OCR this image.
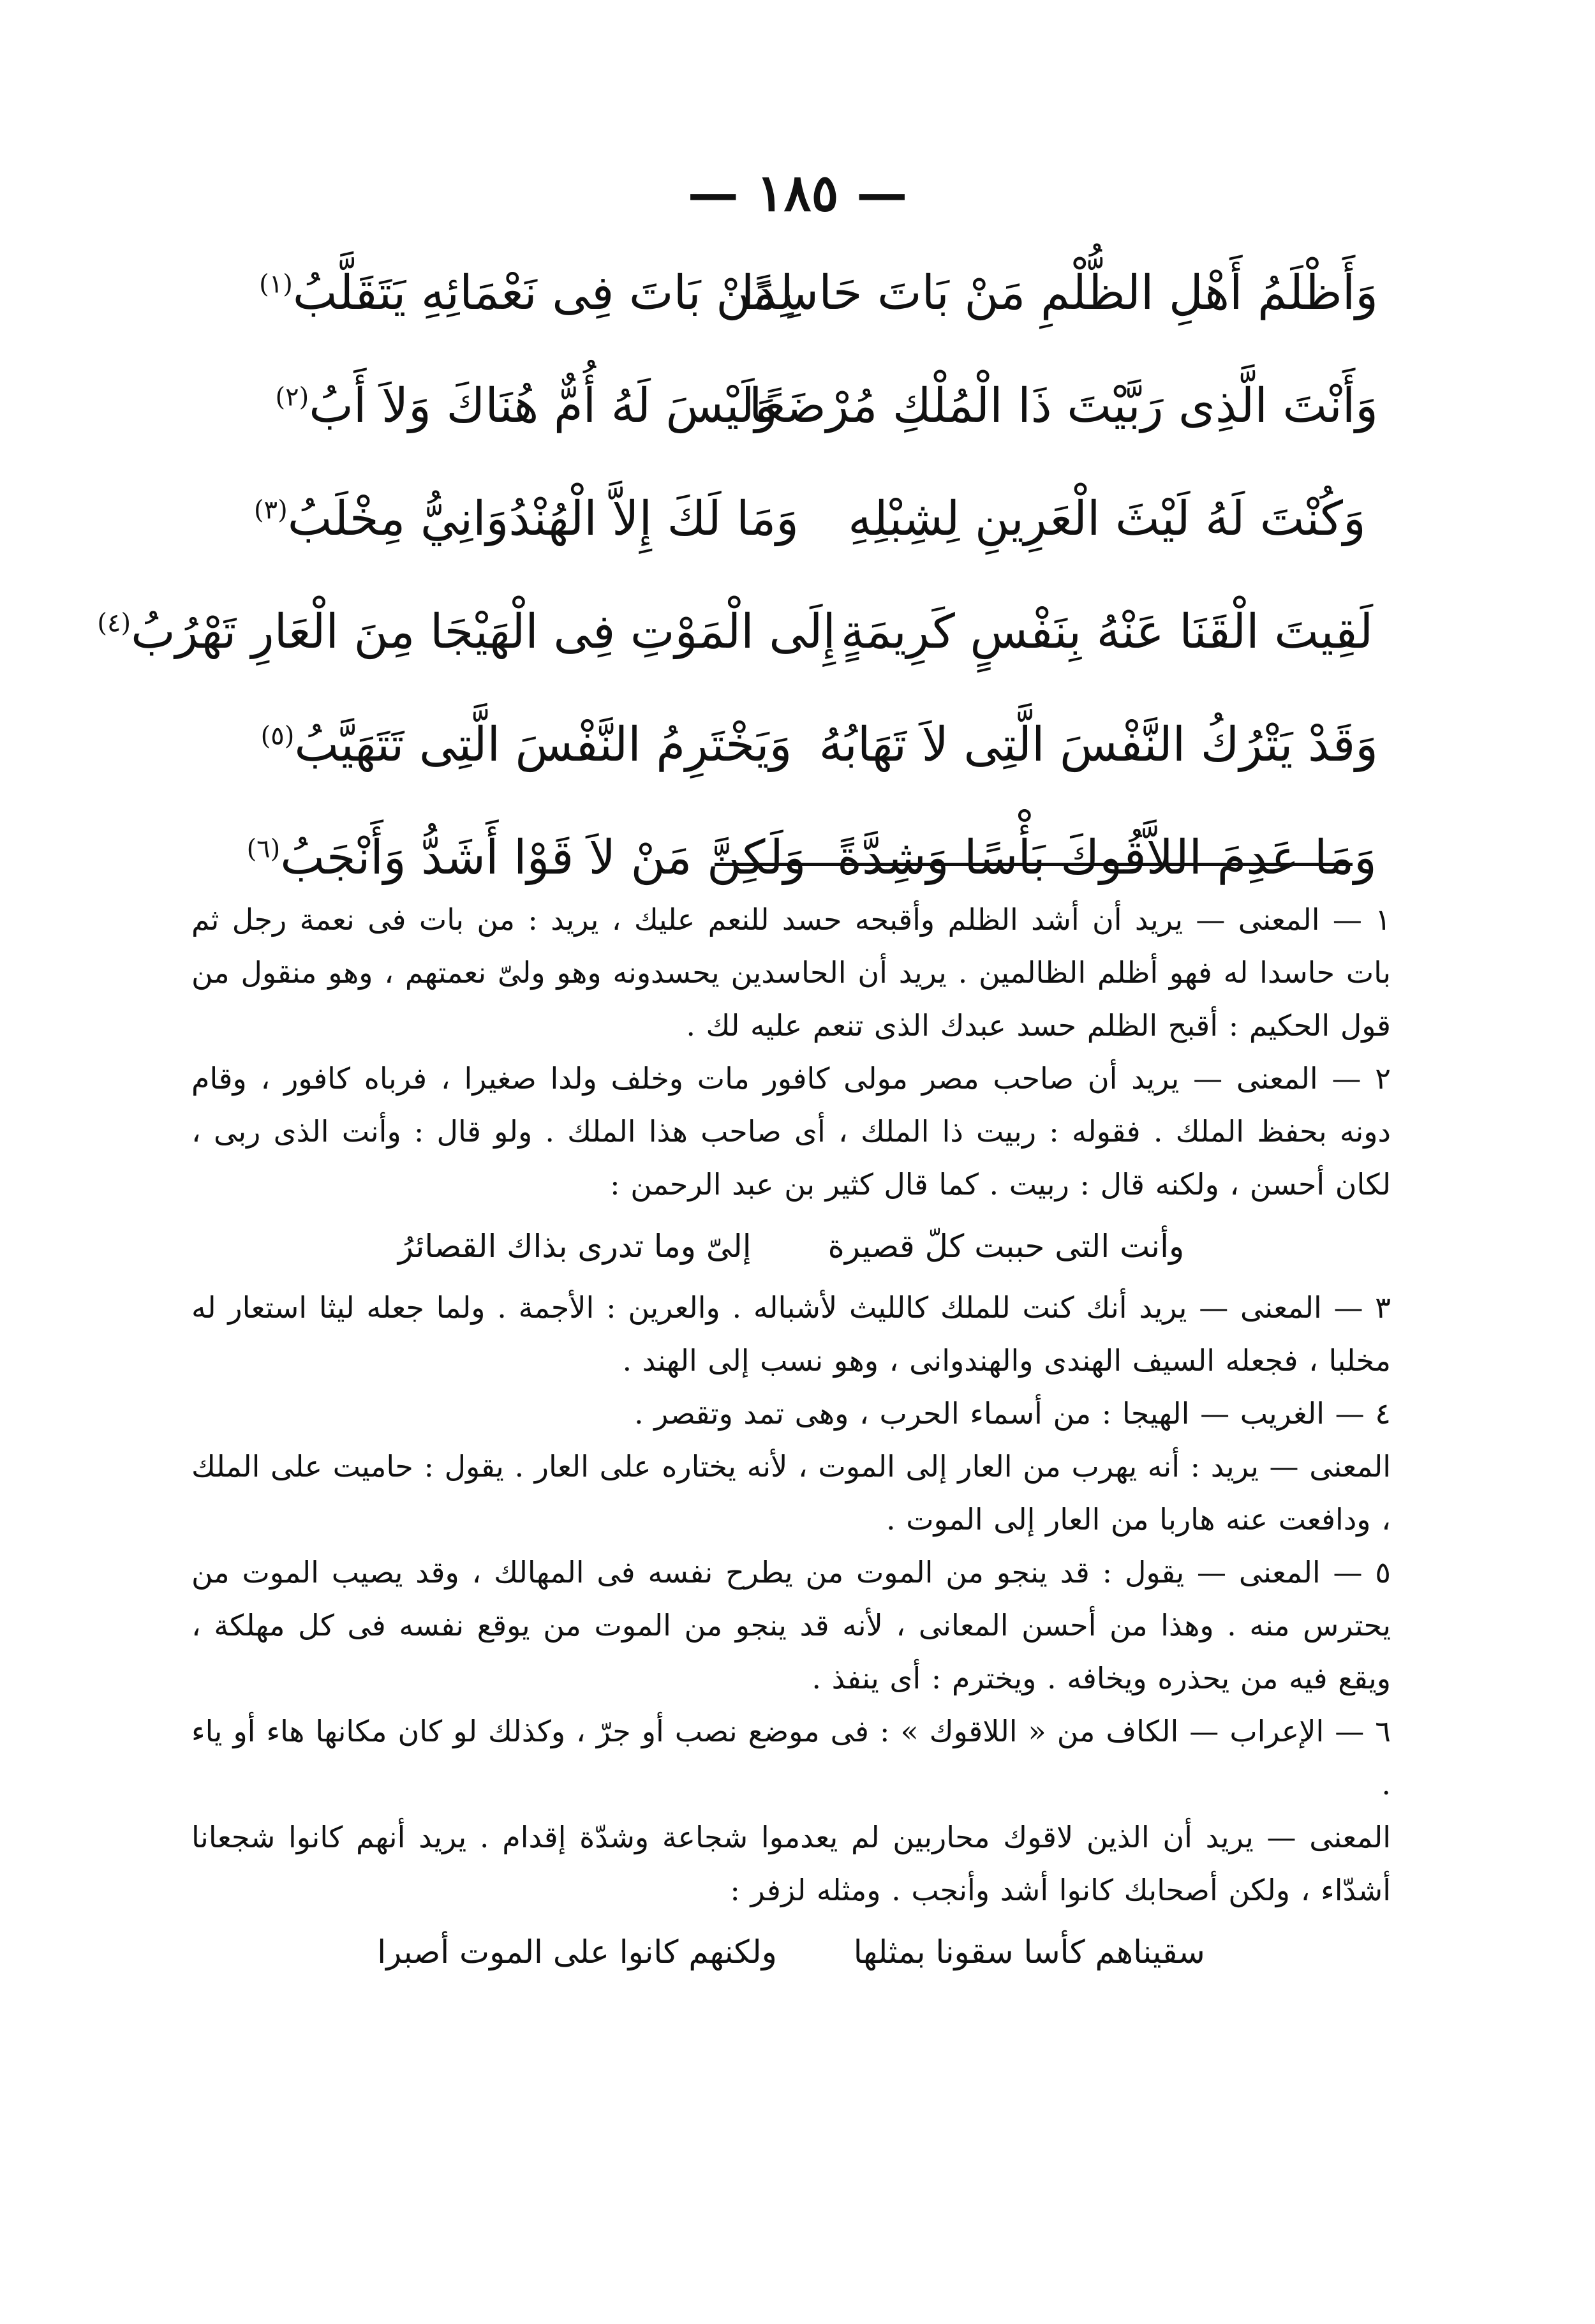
— ١٨٥ —
وَأَظْلَمُ أَهْلِ الظُّلْمِ مَنْ بَاتَ حَاسِدًا
لِمَنْ بَاتَ فِى نَعْمَائِهِ يَتَقَلَّبُ$^{(١)}$
وَأَنْتَ الَّذِى رَبَّيْتَ ذَا الْمُلْكِ مُرْضَعًا
وَلَيْسَ لَهُ أُمٌّ هُنَاكَ وَلاَ أَبُ$^{(٢)}$
وَكُنْتَ لَهُ لَيْثَ الْعَرِينِ لِشِبْلِهِ
وَمَا لَكَ إِلاَّ الْهُنْدُوَانِيُّ مِخْلَبُ$^{(٣)}$
لَقِيتَ الْقَنَا عَنْهُ بِنَفْسٍ كَرِيمَةٍ
إِلَى الْمَوْتِ فِى الْهَيْجَا مِنَ الْعَارِ تَهْرُبُ$^{(٤)}$
وَقَدْ يَتْرُكُ النَّفْسَ الَّتِى لاَ تَهَابُهُ
وَيَخْتَرِمُ النَّفْسَ الَّتِى تَتَهَيَّبُ$^{(٥)}$
وَمَا عَدِمَ اللاَّقُوكَ بَأْسًا وَشِدَّةً
وَلَكِنَّ مَنْ لاَ قَوْا أَشَدُّ وَأَنْجَبُ$^{(٦)}$

١ — المعنى — يريد أن أشد الظلم وأقبحه حسد للنعم عليك ، يريد : من بات فى نعمة رجل ثم بات حاسدا له فهو أظلم الظالمين . يريد أن الحاسدين يحسدونه وهو ولىّ نعمتهم ، وهو منقول من قول الحكيم : أقبح الظلم حسد عبدك الذى تنعم عليه لك .

٢ — المعنى — يريد أن صاحب مصر مولى كافور مات وخلف ولدا صغيرا ، فرباه كافور ، وقام دونه بحفظ الملك . فقوله : ربيت ذا الملك ، أى صاحب هذا الملك . ولو قال : وأنت الذى ربى ، لكان أحسن ، ولكنه قال : ربيت . كما قال كثير بن عبد الرحمن :

وأنت التى حببت كلّ قصيرةإلىّ وما تدرى بذاك القصائرُ

٣ — المعنى — يريد أنك كنت للملك كالليث لأشباله . والعرين : الأجمة . ولما جعله ليثا استعار له مخلبا ، فجعله السيف الهندى والهندوانى ، وهو نسب إلى الهند .

٤ — الغريب — الهيجا : من أسماء الحرب ، وهى تمد وتقصر .

المعنى — يريد : أنه يهرب من العار إلى الموت ، لأنه يختاره على العار . يقول : حاميت على الملك ، ودافعت عنه هاربا من العار إلى الموت .

٥ — المعنى — يقول : قد ينجو من الموت من يطرح نفسه فى المهالك ، وقد يصيب الموت من يحترس منه . وهذا من أحسن المعانى ، لأنه قد ينجو من الموت من يوقع نفسه فى كل مهلكة ، ويقع فيه من يحذره ويخافه . ويخترم : أى ينفذ .

٦ — الإعراب — الكاف من « اللاقوك » : فى موضع نصب أو جرّ ، وكذلك لو كان مكانها هاء أو ياء .

المعنى — يريد أن الذين لاقوك محاربين لم يعدموا شجاعة وشدّة إقدام . يريد أنهم كانوا شجعانا أشدّاء ، ولكن أصحابك كانوا أشد وأنجب . ومثله لزفر :

سقيناهم كأسا سقونا بمثلهاولكنهم كانوا على الموت أصبرا
